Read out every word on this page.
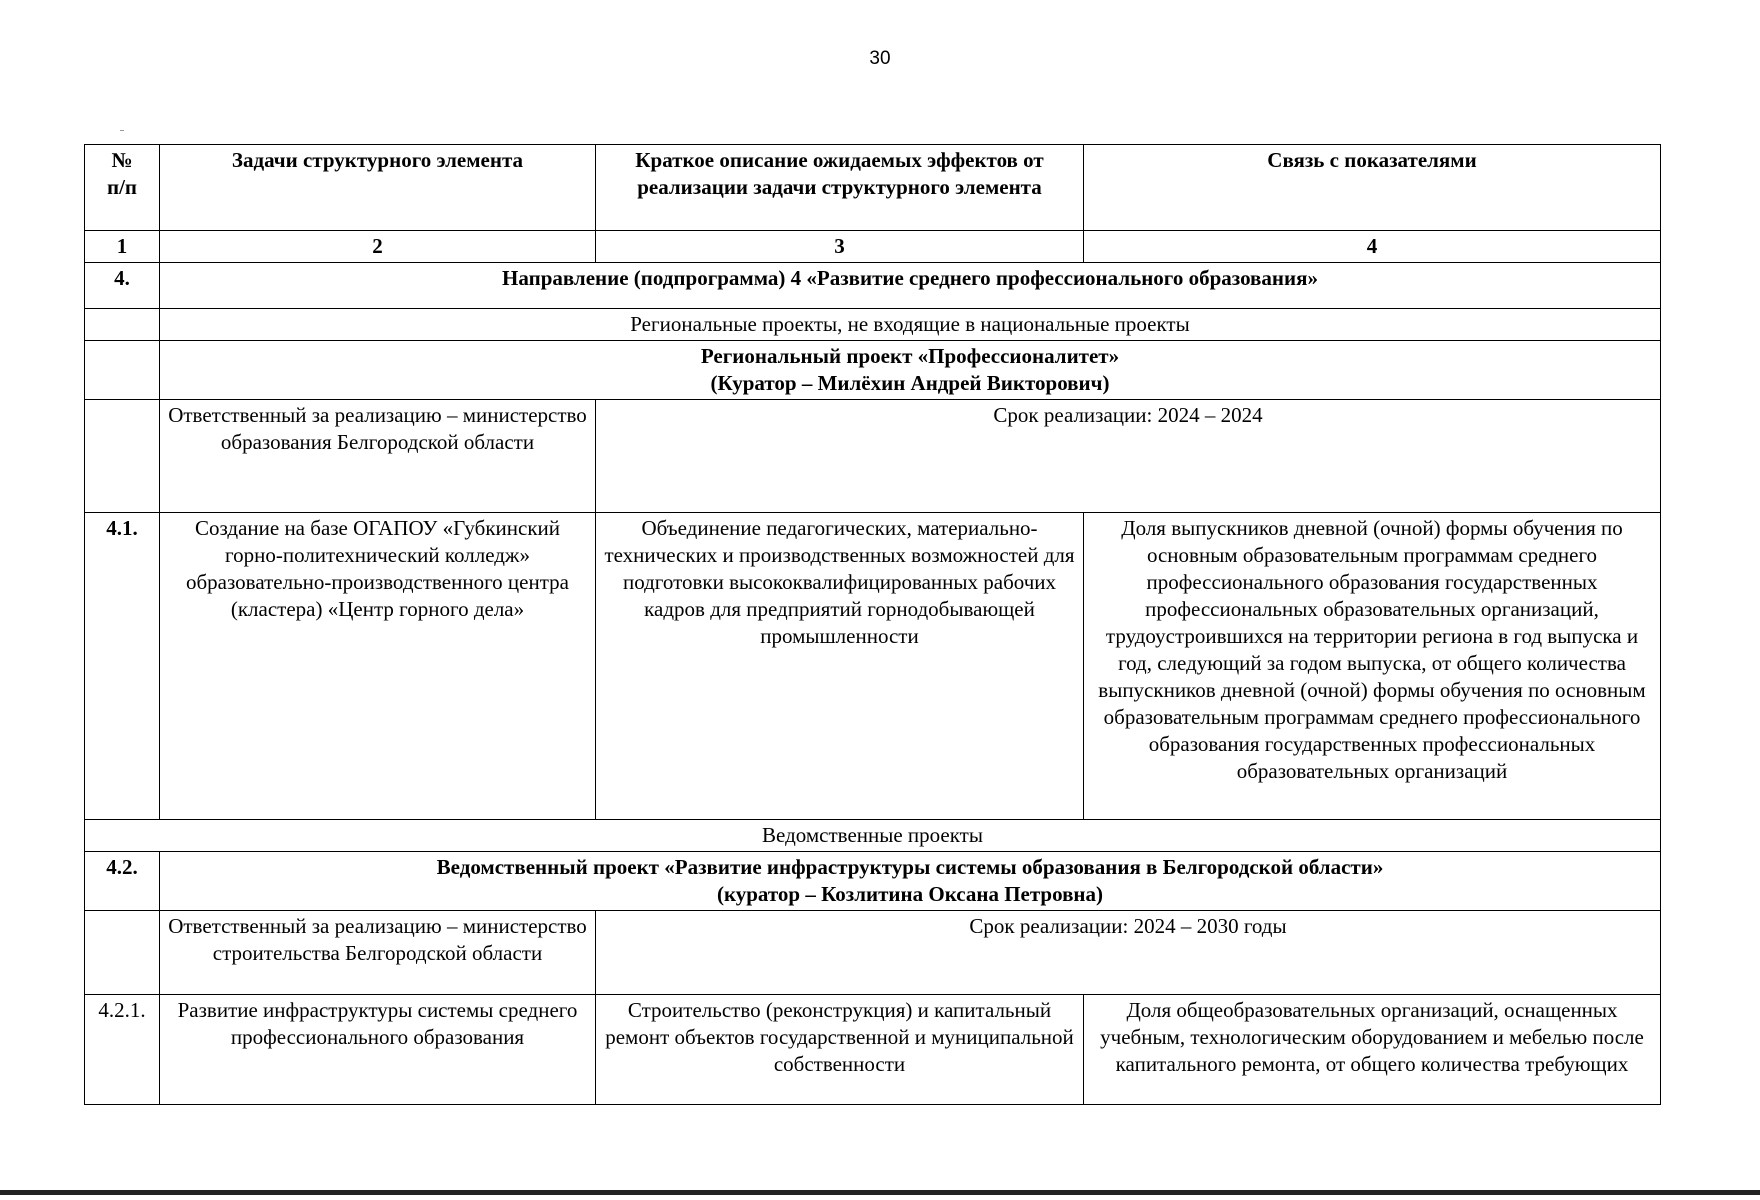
30
№
п/п	Задачи структурного элемента	Краткое описание ожидаемых эффектов от реализации задачи структурного элемента	Связь с показателями
1	2	3	4
4.	Направление (подпрограмма) 4 «Развитие среднего профессионального образования»		
	Региональные проекты, не входящие в национальные проекты		

	Региональный проект «Профессионалитет»
(Куратор – Милёхин Андрей Викторович)		

	Ответственный за реализацию – министерство образования Белгородской области	Срок реализации: 2024 – 2024	
4.1.	Создание на базе ОГАПОУ «Губкинский горно-политехнический колледж» образовательно-производственного центра (кластера) «Центр горного дела»	Объединение педагогических, материально-технических и производственных возможностей для подготовки высококвалифицированных рабочих кадров для предприятий горнодобывающей промышленности	Доля выпускников дневной (очной) формы обучения по основным образовательным программам среднего профессионального образования государственных профессиональных образовательных организаций, трудоустроившихся на территории региона в год выпуска и год, следующий за годом выпуска, от общего количества выпускников дневной (очной) формы обучения по основным образовательным программам среднего профессионального образования государственных профессиональных образовательных организаций
Ведомственные проекты			
4.2.	Ведомственный проект «Развитие инфраструктуры системы образования в Белгородской области»
(куратор – Козлитина Оксана Петровна)		

	Ответственный за реализацию – министерство строительства Белгородской области	Срок реализации: 2024 – 2030 годы	
4.2.1.	Развитие инфраструктуры системы среднего профессионального образования	Строительство (реконструкция) и капитальный ремонт объектов государственной и муниципальной собственности	Доля общеобразовательных организаций, оснащенных учебным, технологическим оборудованием и мебелью после капитального ремонта, от общего количества требующих
